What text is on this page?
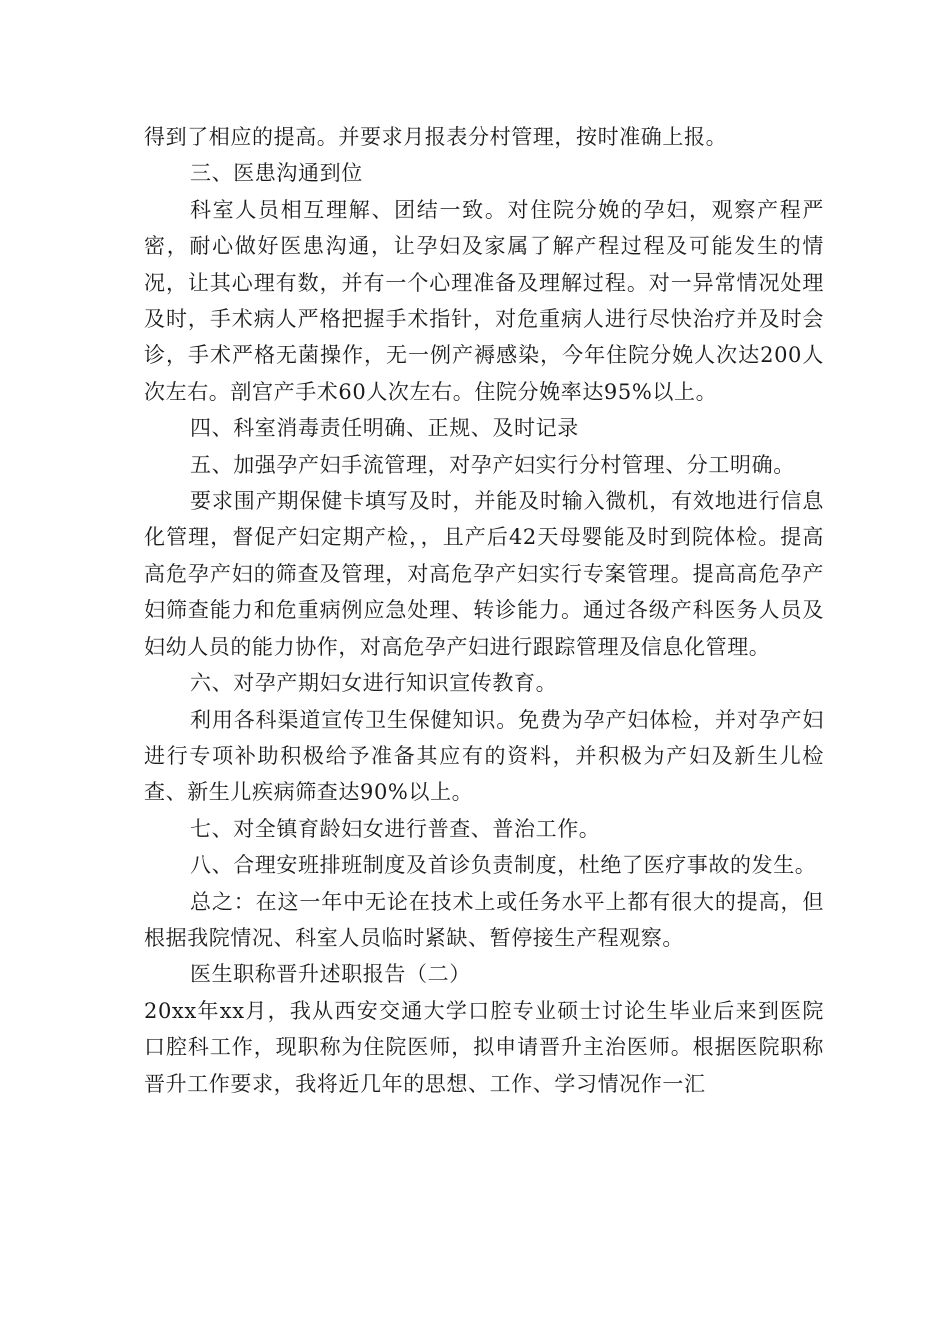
得到了相应的提高。并要求月报表分村管理，按时准确上报。

三、医患沟通到位

科室人员相互理解、团结一致。对住院分娩的孕妇，观察产程严密，耐心做好医患沟通，让孕妇及家属了解产程过程及可能发生的情况，让其心理有数，并有一个心理准备及理解过程。对一异常情况处理及时，手术病人严格把握手术指针，对危重病人进行尽快治疗并及时会诊，手术严格无菌操作，无一例产褥感染，今年住院分娩人次达200人次左右。剖宫产手术60人次左右。住院分娩率达95%以上。

四、科室消毒责任明确、正规、及时记录

五、加强孕产妇手流管理，对孕产妇实行分村管理、分工明确。

要求围产期保健卡填写及时，并能及时输入微机，有效地进行信息化管理，督促产妇定期产检，，且产后42天母婴能及时到院体检。提高高危孕产妇的筛查及管理，对高危孕产妇实行专案管理。提高高危孕产妇筛查能力和危重病例应急处理、转诊能力。通过各级产科医务人员及妇幼人员的能力协作，对高危孕产妇进行跟踪管理及信息化管理。

六、对孕产期妇女进行知识宣传教育。

利用各科渠道宣传卫生保健知识。免费为孕产妇体检，并对孕产妇进行专项补助积极给予准备其应有的资料，并积极为产妇及新生儿检查、新生儿疾病筛查达90%以上。

七、对全镇育龄妇女进行普查、普治工作。

八、合理安班排班制度及首诊负责制度，杜绝了医疗事故的发生。

总之：在这一年中无论在技术上或任务水平上都有很大的提高，但根据我院情况、科室人员临时紧缺、暂停接生产程观察。

医生职称晋升述职报告（二）

20xx年xx月，我从西安交通大学口腔专业硕士讨论生毕业后来到医院口腔科工作，现职称为住院医师，拟申请晋升主治医师。根据医院职称晋升工作要求，我将近几年的思想、工作、学习情况作一汇
